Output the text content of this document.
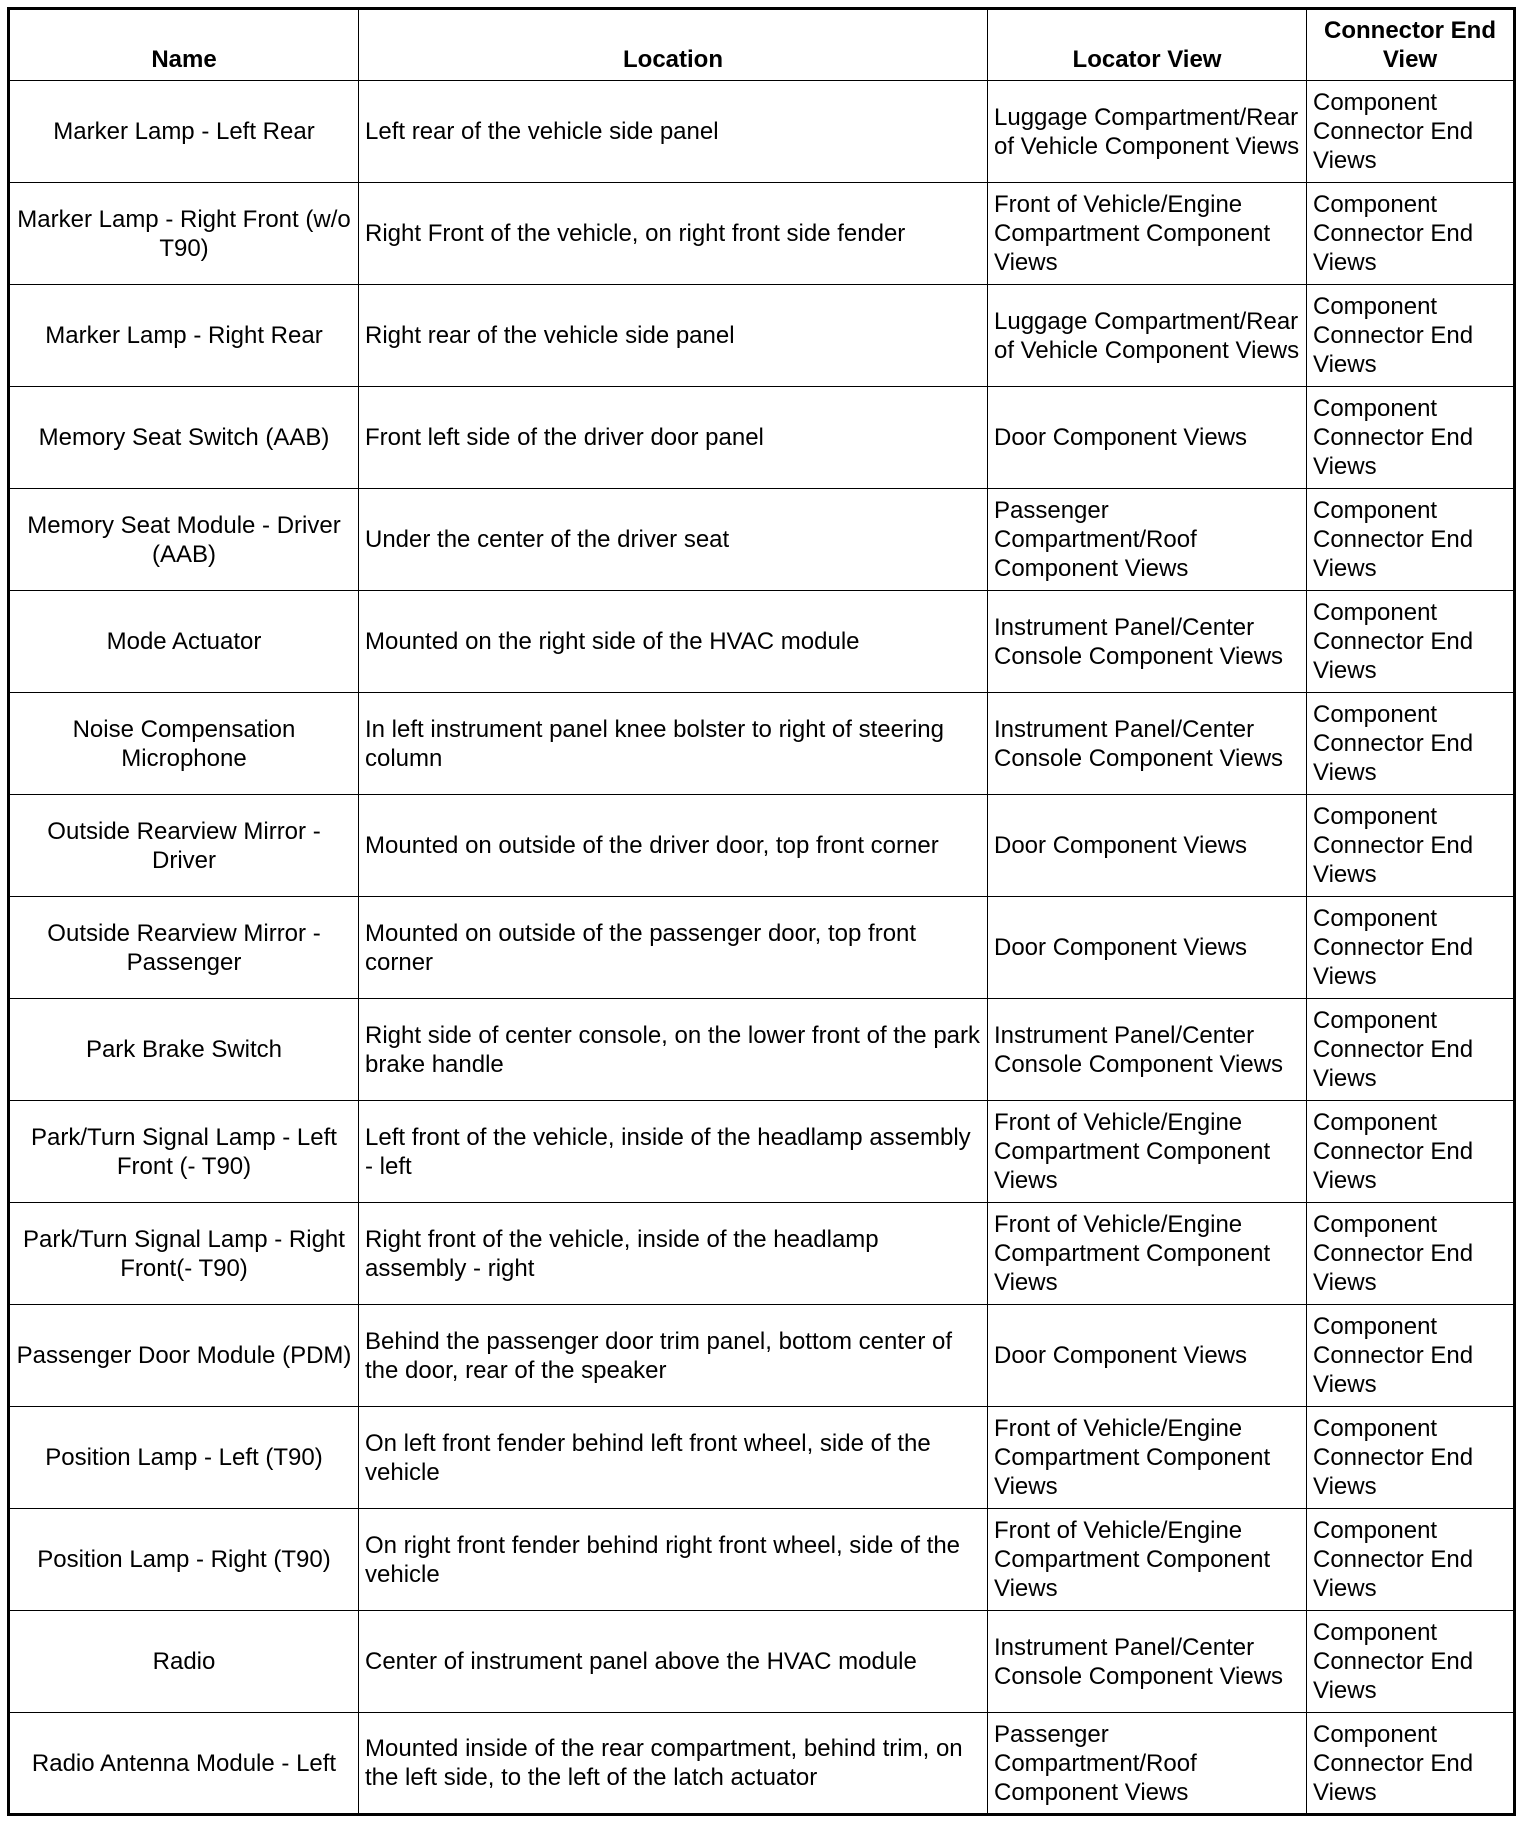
Name	Location	Locator View	Connector End View
Marker Lamp - Left Rear	Left rear of the vehicle side panel	Luggage Compartment/Rear of Vehicle Component Views	Component Connector End Views
Marker Lamp - Right Front (w/o T90)	Right Front of the vehicle, on right front side fender	Front of Vehicle/Engine Compartment Component Views	Component Connector End Views
Marker Lamp - Right Rear	Right rear of the vehicle side panel	Luggage Compartment/Rear of Vehicle Component Views	Component Connector End Views
Memory Seat Switch (AAB)	Front left side of the driver door panel	Door Component Views	Component Connector End Views
Memory Seat Module - Driver (AAB)	Under the center of the driver seat	Passenger Compartment/Roof Component Views	Component Connector End Views
Mode Actuator	Mounted on the right side of the HVAC module	Instrument Panel/Center Console Component Views	Component Connector End Views
Noise Compensation Microphone	In left instrument panel knee bolster to right of steering column	Instrument Panel/Center Console Component Views	Component Connector End Views
Outside Rearview Mirror - Driver	Mounted on outside of the driver door, top front corner	Door Component Views	Component Connector End Views
Outside Rearview Mirror - Passenger	Mounted on outside of the passenger door, top front corner	Door Component Views	Component Connector End Views
Park Brake Switch	Right side of center console, on the lower front of the park brake handle	Instrument Panel/Center Console Component Views	Component Connector End Views
Park/Turn Signal Lamp - Left Front (- T90)	Left front of the vehicle, inside of the headlamp assembly - left	Front of Vehicle/Engine Compartment Component Views	Component Connector End Views
Park/Turn Signal Lamp - Right Front(- T90)	Right front of the vehicle, inside of the headlamp assembly - right	Front of Vehicle/Engine Compartment Component Views	Component Connector End Views
Passenger Door Module (PDM)	Behind the passenger door trim panel, bottom center of the door, rear of the speaker	Door Component Views	Component Connector End Views
Position Lamp - Left (T90)	On left front fender behind left front wheel, side of the vehicle	Front of Vehicle/Engine Compartment Component Views	Component Connector End Views
Position Lamp - Right (T90)	On right front fender behind right front wheel, side of the vehicle	Front of Vehicle/Engine Compartment Component Views	Component Connector End Views
Radio	Center of instrument panel above the HVAC module	Instrument Panel/Center Console Component Views	Component Connector End Views
Radio Antenna Module - Left	Mounted inside of the rear compartment, behind trim, on the left side, to the left of the latch actuator	Passenger Compartment/Roof Component Views	Component Connector End Views
